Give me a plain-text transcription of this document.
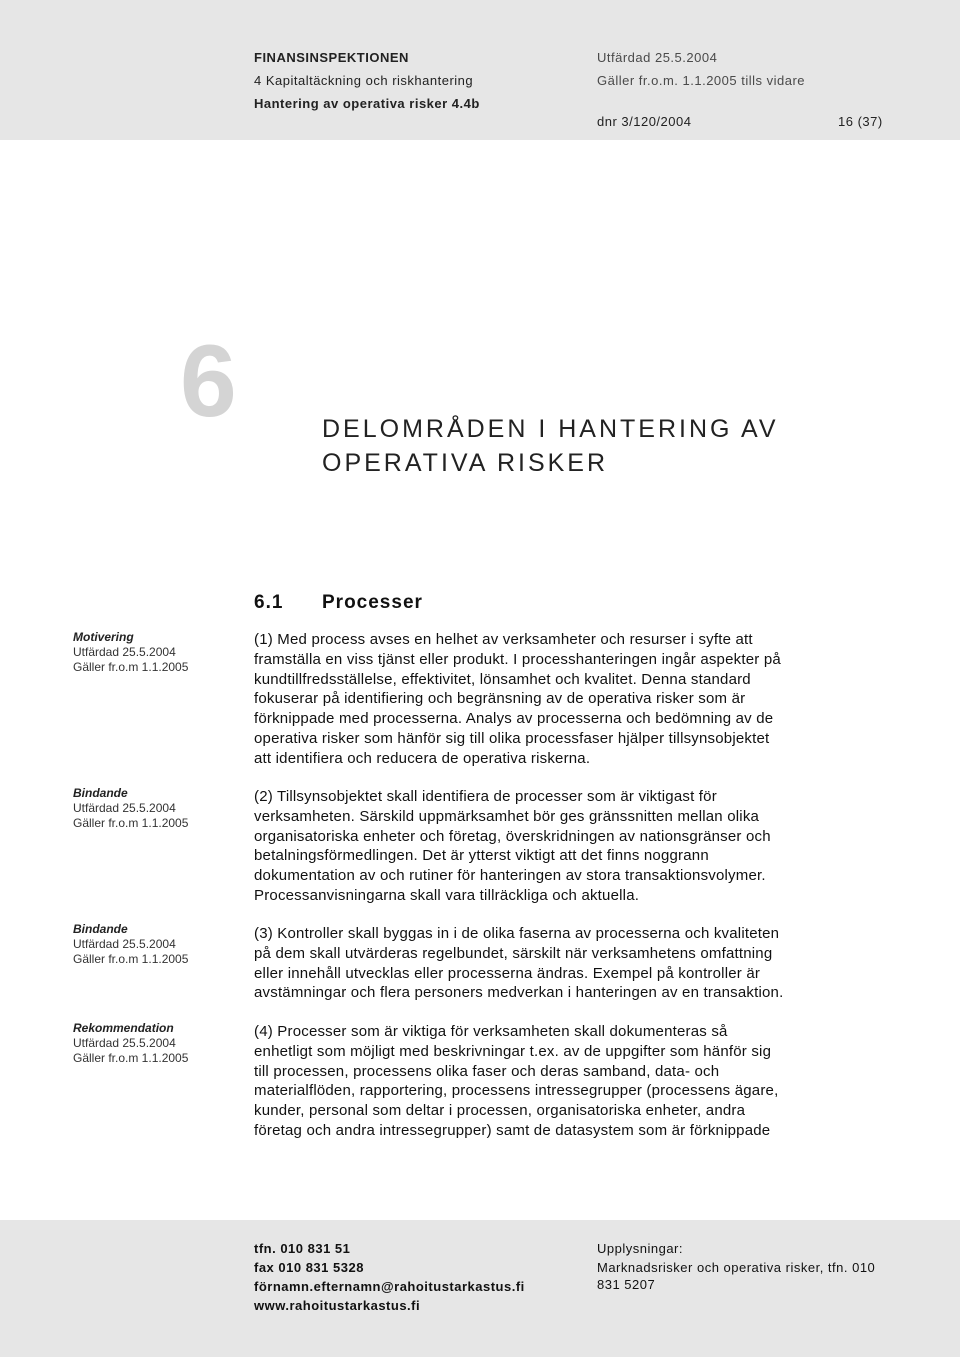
FINANSINSPEKTIONEN
4 Kapitaltäckning och riskhantering
Hantering av operativa risker 4.4b
Utfärdad 25.5.2004
Gäller fr.o.m. 1.1.2005 tills vidare
dnr 3/120/2004	16 (37)
6	DELOMRÅDEN I HANTERING AV
OPERATIVA RISKER
6.1 Processer
Motivering
Utfärdad 25.5.2004
Gäller fr.o.m 1.1.2005
Bindande
Utfärdad 25.5.2004
Gäller fr.o.m 1.1.2005
Bindande
Utfärdad 25.5.2004
Gäller fr.o.m 1.1.2005
Rekommendation
Utfärdad 25.5.2004
Gäller fr.o.m 1.1.2005
(1) Med process avses en helhet av verksamheter och resurser i syfte att
framställa en viss tjänst eller produkt. I processhanteringen ingår aspekter på
kundtillfredsställelse, effektivitet, lönsamhet och kvalitet. Denna standard
fokuserar på identifiering och begränsning av de operativa risker som är
förknippade med processerna. Analys av processerna och bedömning av de
operativa risker som hänför sig till olika processfaser hjälper tillsynsobjektet
att identifiera och reducera de operativa riskerna.
(2) Tillsynsobjektet skall identifiera de processer som är viktigast för
verksamheten. Särskild uppmärksamhet bör ges gränssnitten mellan olika
organisatoriska enheter och företag, överskridningen av nationsgränser och
betalningsförmedlingen. Det är ytterst viktigt att det finns noggrann
dokumentation av och rutiner för hanteringen av stora transaktionsvolymer.
Processanvisningarna skall vara tillräckliga och aktuella.
(3) Kontroller skall byggas in i de olika faserna av processerna och kvaliteten
på dem skall utvärderas regelbundet, särskilt när verksamhetens omfattning
eller innehåll utvecklas eller processerna ändras. Exempel på kontroller är
avstämningar och flera personers medverkan i hanteringen av en transaktion.
(4) Processer som är viktiga för verksamheten skall dokumenteras så
enhetligt som möjligt med beskrivningar t.ex. av de uppgifter som hänför sig
till processen, processens olika faser och deras samband, data- och
materialflöden, rapportering, processens intressegrupper (processens ägare,
kunder, personal som deltar i processen, organisatoriska enheter, andra
företag och andra intressegrupper) samt de datasystem som är förknippade
tfn. 010 831 51
fax 010 831 5328
förnamn.efternamn@rahoitustarkastus.fi
www.rahoitustarkastus.fi
Upplysningar:
Marknadsrisker och operativa risker, tfn. 010
831 5207
